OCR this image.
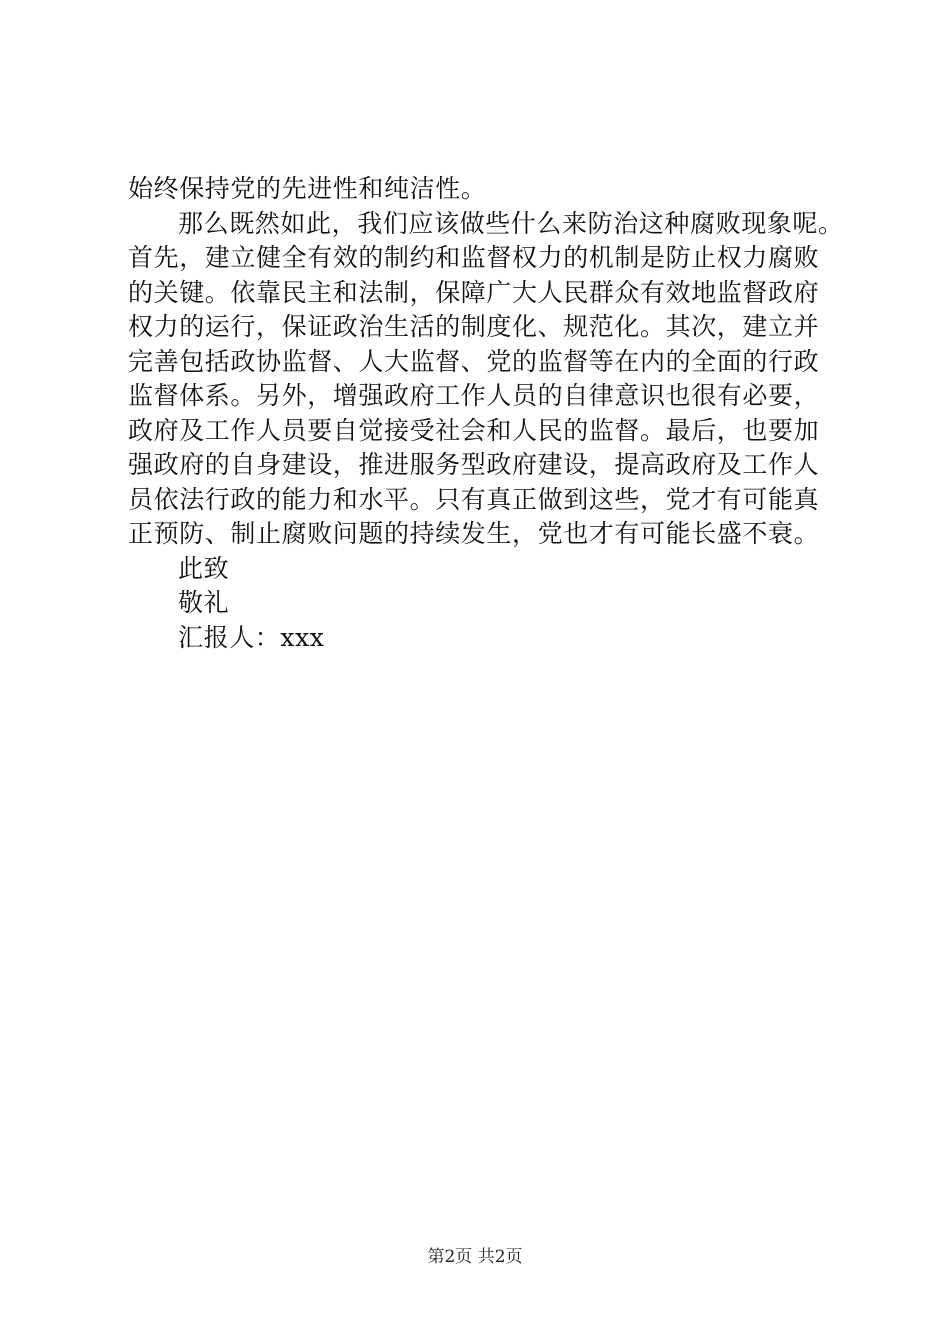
始终保持党的先进性和纯洁性。
那么既然如此，我们应该做些什么来防治这种腐败现象呢。
首先，建立健全有效的制约和监督权力的机制是防止权力腐败
的关键。依靠民主和法制，保障广大人民群众有效地监督政府
权力的运行，保证政治生活的制度化、规范化。其次，建立并
完善包括政协监督、人大监督、党的监督等在内的全面的行政
监督体系。另外，增强政府工作人员的自律意识也很有必要，
政府及工作人员要自觉接受社会和人民的监督。最后，也要加
强政府的自身建设，推进服务型政府建设，提高政府及工作人
员依法行政的能力和水平。只有真正做到这些，党才有可能真
正预防、制止腐败问题的持续发生，党也才有可能长盛不衰。
此致
敬礼
汇报人：xxx
第2页 共2页
